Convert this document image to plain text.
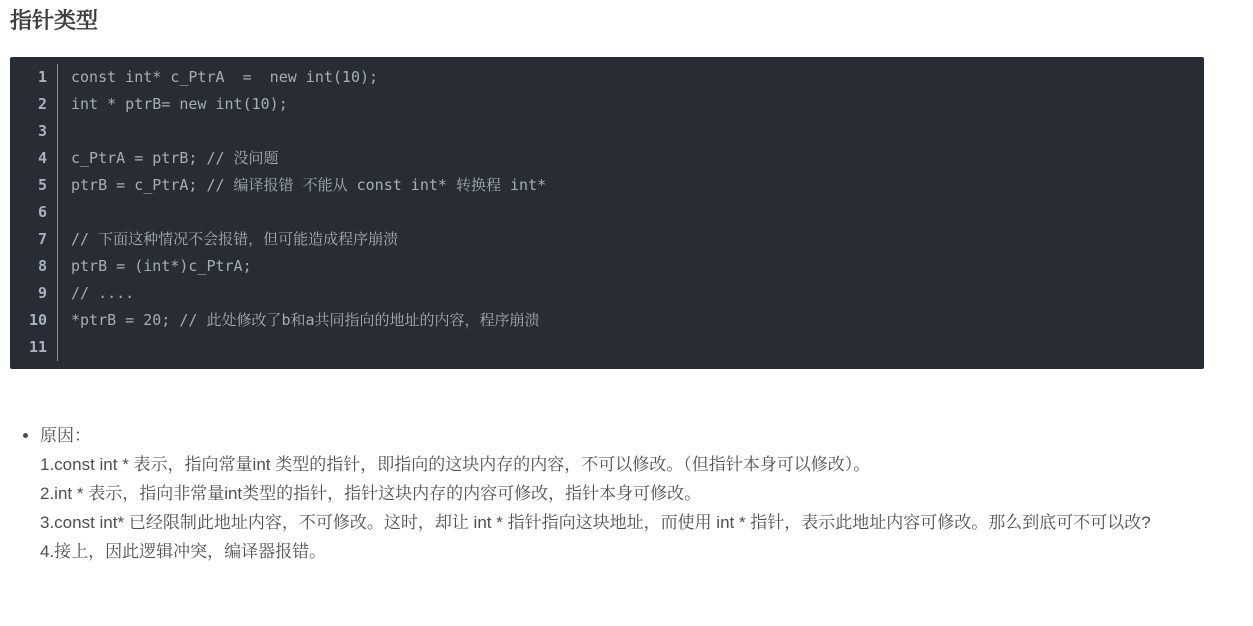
指针类型
1	const int* c_PtrA  =  new int(10);
2	int * ptrB= new int(10);
3
4	c_PtrA = ptrB; // 没问题
5	ptrB = c_PtrA; // 编译报错 不能从 const int* 转换程 int*
6
7	// 下面这种情况不会报错，但可能造成程序崩溃
8	ptrB = (int*)c_PtrA;
9	// ....
10	*ptrB = 20; // 此处修改了b和a共同指向的地址的内容，程序崩溃
11
• 原因：
1.const int * 表示，指向常量int 类型的指针，即指向的这块内存的内容，不可以修改。（但指针本身可以修改）。
2.int * 表示，指向非常量int类型的指针，指针这块内存的内容可修改，指针本身可修改。
3.const int* 已经限制此地址内容，不可修改。这时，却让 int * 指针指向这块地址，而使用 int * 指针，表示此地址内容可修改。那么到底可不可以改?
4.接上，因此逻辑冲突，编译器报错。
